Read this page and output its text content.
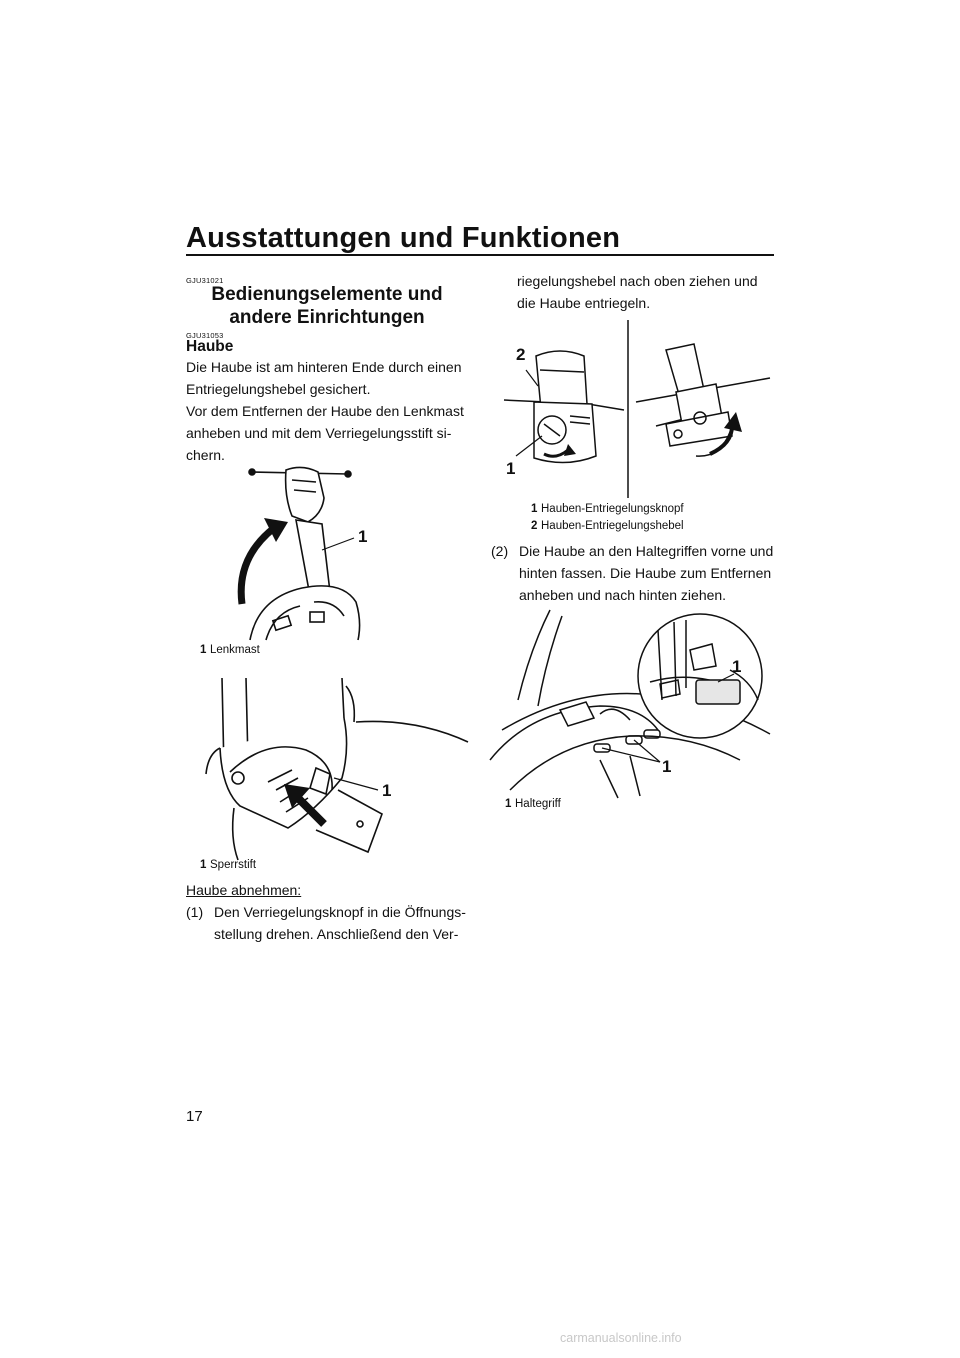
Ausstattungen und Funktionen
GJU31021
Bedienungselemente und
andere Einrichtungen
GJU31053
Haube
Die Haube ist am hinteren Ende durch einen
Entriegelungshebel gesichert.
Vor dem Entfernen der Haube den Lenkmast
anheben und mit dem Verriegelungsstift si-
chern.
1
1 Lenkmast
1
1 Sperrstift
Haube abnehmen:
(1) Den Verriegelungsknopf in die Öffnungs-
stellung drehen. Anschließend den Ver-
riegelungshebel nach oben ziehen und
die Haube entriegeln.
2
1
1 Hauben-Entriegelungsknopf
2 Hauben-Entriegelungshebel
(2) Die Haube an den Haltegriffen vorne und
hinten fassen. Die Haube zum Entfernen
anheben und nach hinten ziehen.
1
1
1 Haltegriff
17
carmanualsonline.info
